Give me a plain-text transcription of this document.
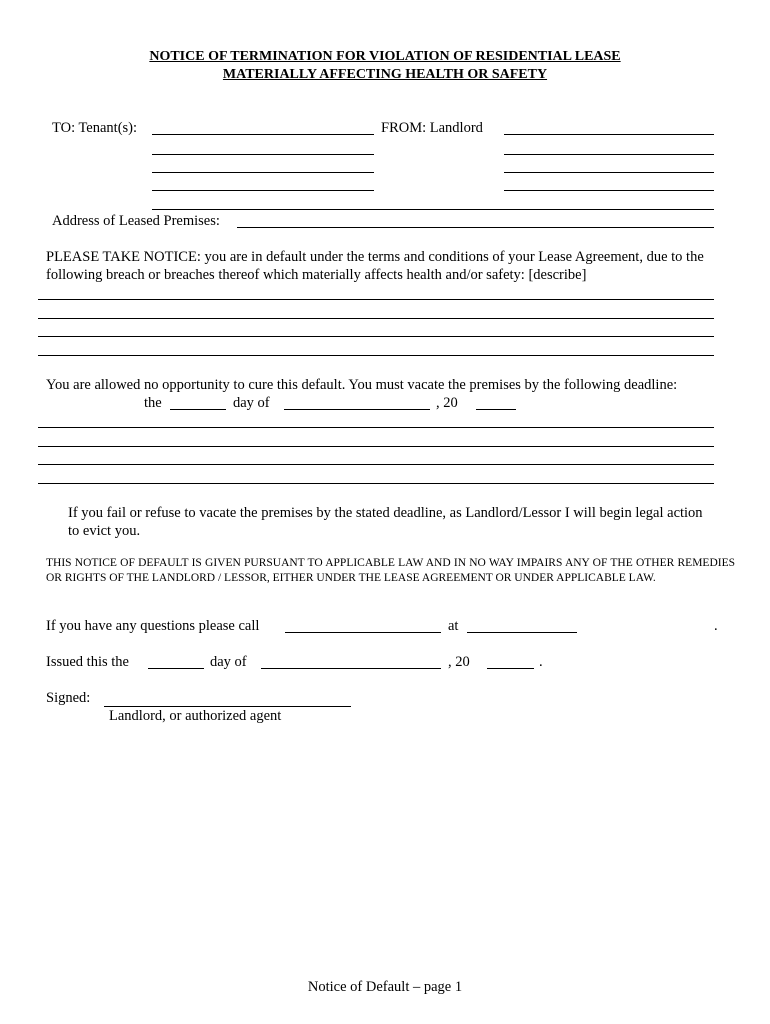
NOTICE OF TERMINATION FOR VIOLATION OF RESIDENTIAL LEASE
MATERIALLY AFFECTING HEALTH OR SAFETY
TO: Tenant(s):	FROM: Landlord
Address of Leased Premises:
PLEASE TAKE NOTICE: you are in default under the terms and conditions of your Lease Agreement, due to the following breach or breaches thereof which materially affects health and/or safety: [describe]
You are allowed no opportunity to cure this default. You must vacate the premises by the following deadline:
the	day of	, 20
If you fail or refuse to vacate the premises by the stated deadline, as Landlord/Lessor I will begin legal action to evict you.
THIS NOTICE OF DEFAULT IS GIVEN PURSUANT TO APPLICABLE LAW AND IN NO WAY IMPAIRS ANY OF THE OTHER REMEDIES OR RIGHTS OF THE LANDLORD / LESSOR, EITHER UNDER THE LEASE AGREEMENT OR UNDER APPLICABLE LAW.
If you have any questions please call	at	.
Issued this the	day of	, 20	.
Signed:
Landlord, or authorized agent
Notice of Default – page 1
